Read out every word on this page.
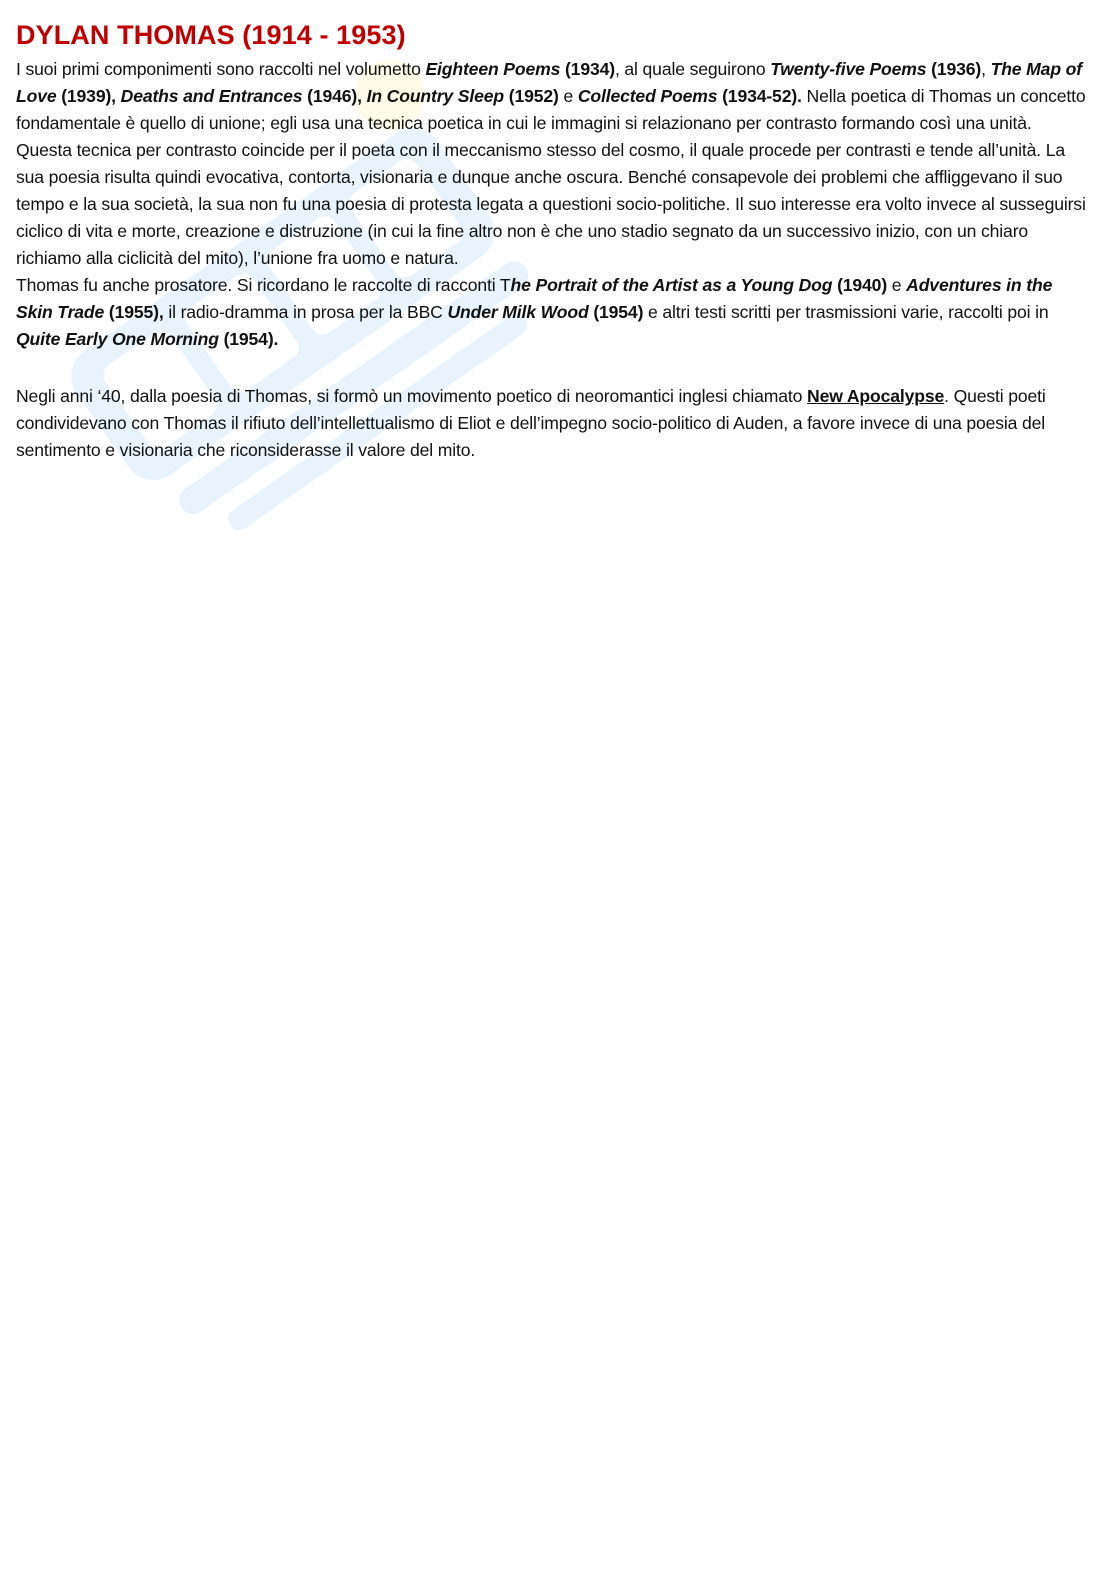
DYLAN THOMAS (1914 - 1953)

I suoi primi componimenti sono raccolti nel volumetto Eighteen Poems (1934), al quale seguirono Twenty-five Poems (1936), The Map of Love (1939), Deaths and Entrances (1946), In Country Sleep (1952) e Collected Poems (1934-52). Nella poetica di Thomas un concetto fondamentale è quello di unione; egli usa una tecnica poetica in cui le immagini si relazionano per contrasto formando così una unità. Questa tecnica per contrasto coincide per il poeta con il meccanismo stesso del cosmo, il quale procede per contrasti e tende all’unità. La sua poesia risulta quindi evocativa, contorta, visionaria e dunque anche oscura. Benché consapevole dei problemi che affliggevano il suo tempo e la sua società, la sua non fu una poesia di protesta legata a questioni socio-politiche. Il suo interesse era volto invece al susseguirsi ciclico di vita e morte, creazione e distruzione (in cui la fine altro non è che uno stadio segnato da un successivo inizio, con un chiaro richiamo alla ciclicità del mito), l’unione fra uomo e natura.

Thomas fu anche prosatore. Si ricordano le raccolte di racconti The Portrait of the Artist as a Young Dog (1940) e Adventures in the Skin Trade (1955), il radio-dramma in prosa per la BBC Under Milk Wood (1954) e altri testi scritti per trasmissioni varie, raccolti poi in Quite Early One Morning (1954).

Negli anni ‘40, dalla poesia di Thomas, si formò un movimento poetico di neoromantici inglesi chiamato New Apocalypse. Questi poeti condividevano con Thomas il rifiuto dell’intellettualismo di Eliot e dell’impegno socio-politico di Auden, a favore invece di una poesia del sentimento e visionaria che riconsiderasse il valore del mito.
